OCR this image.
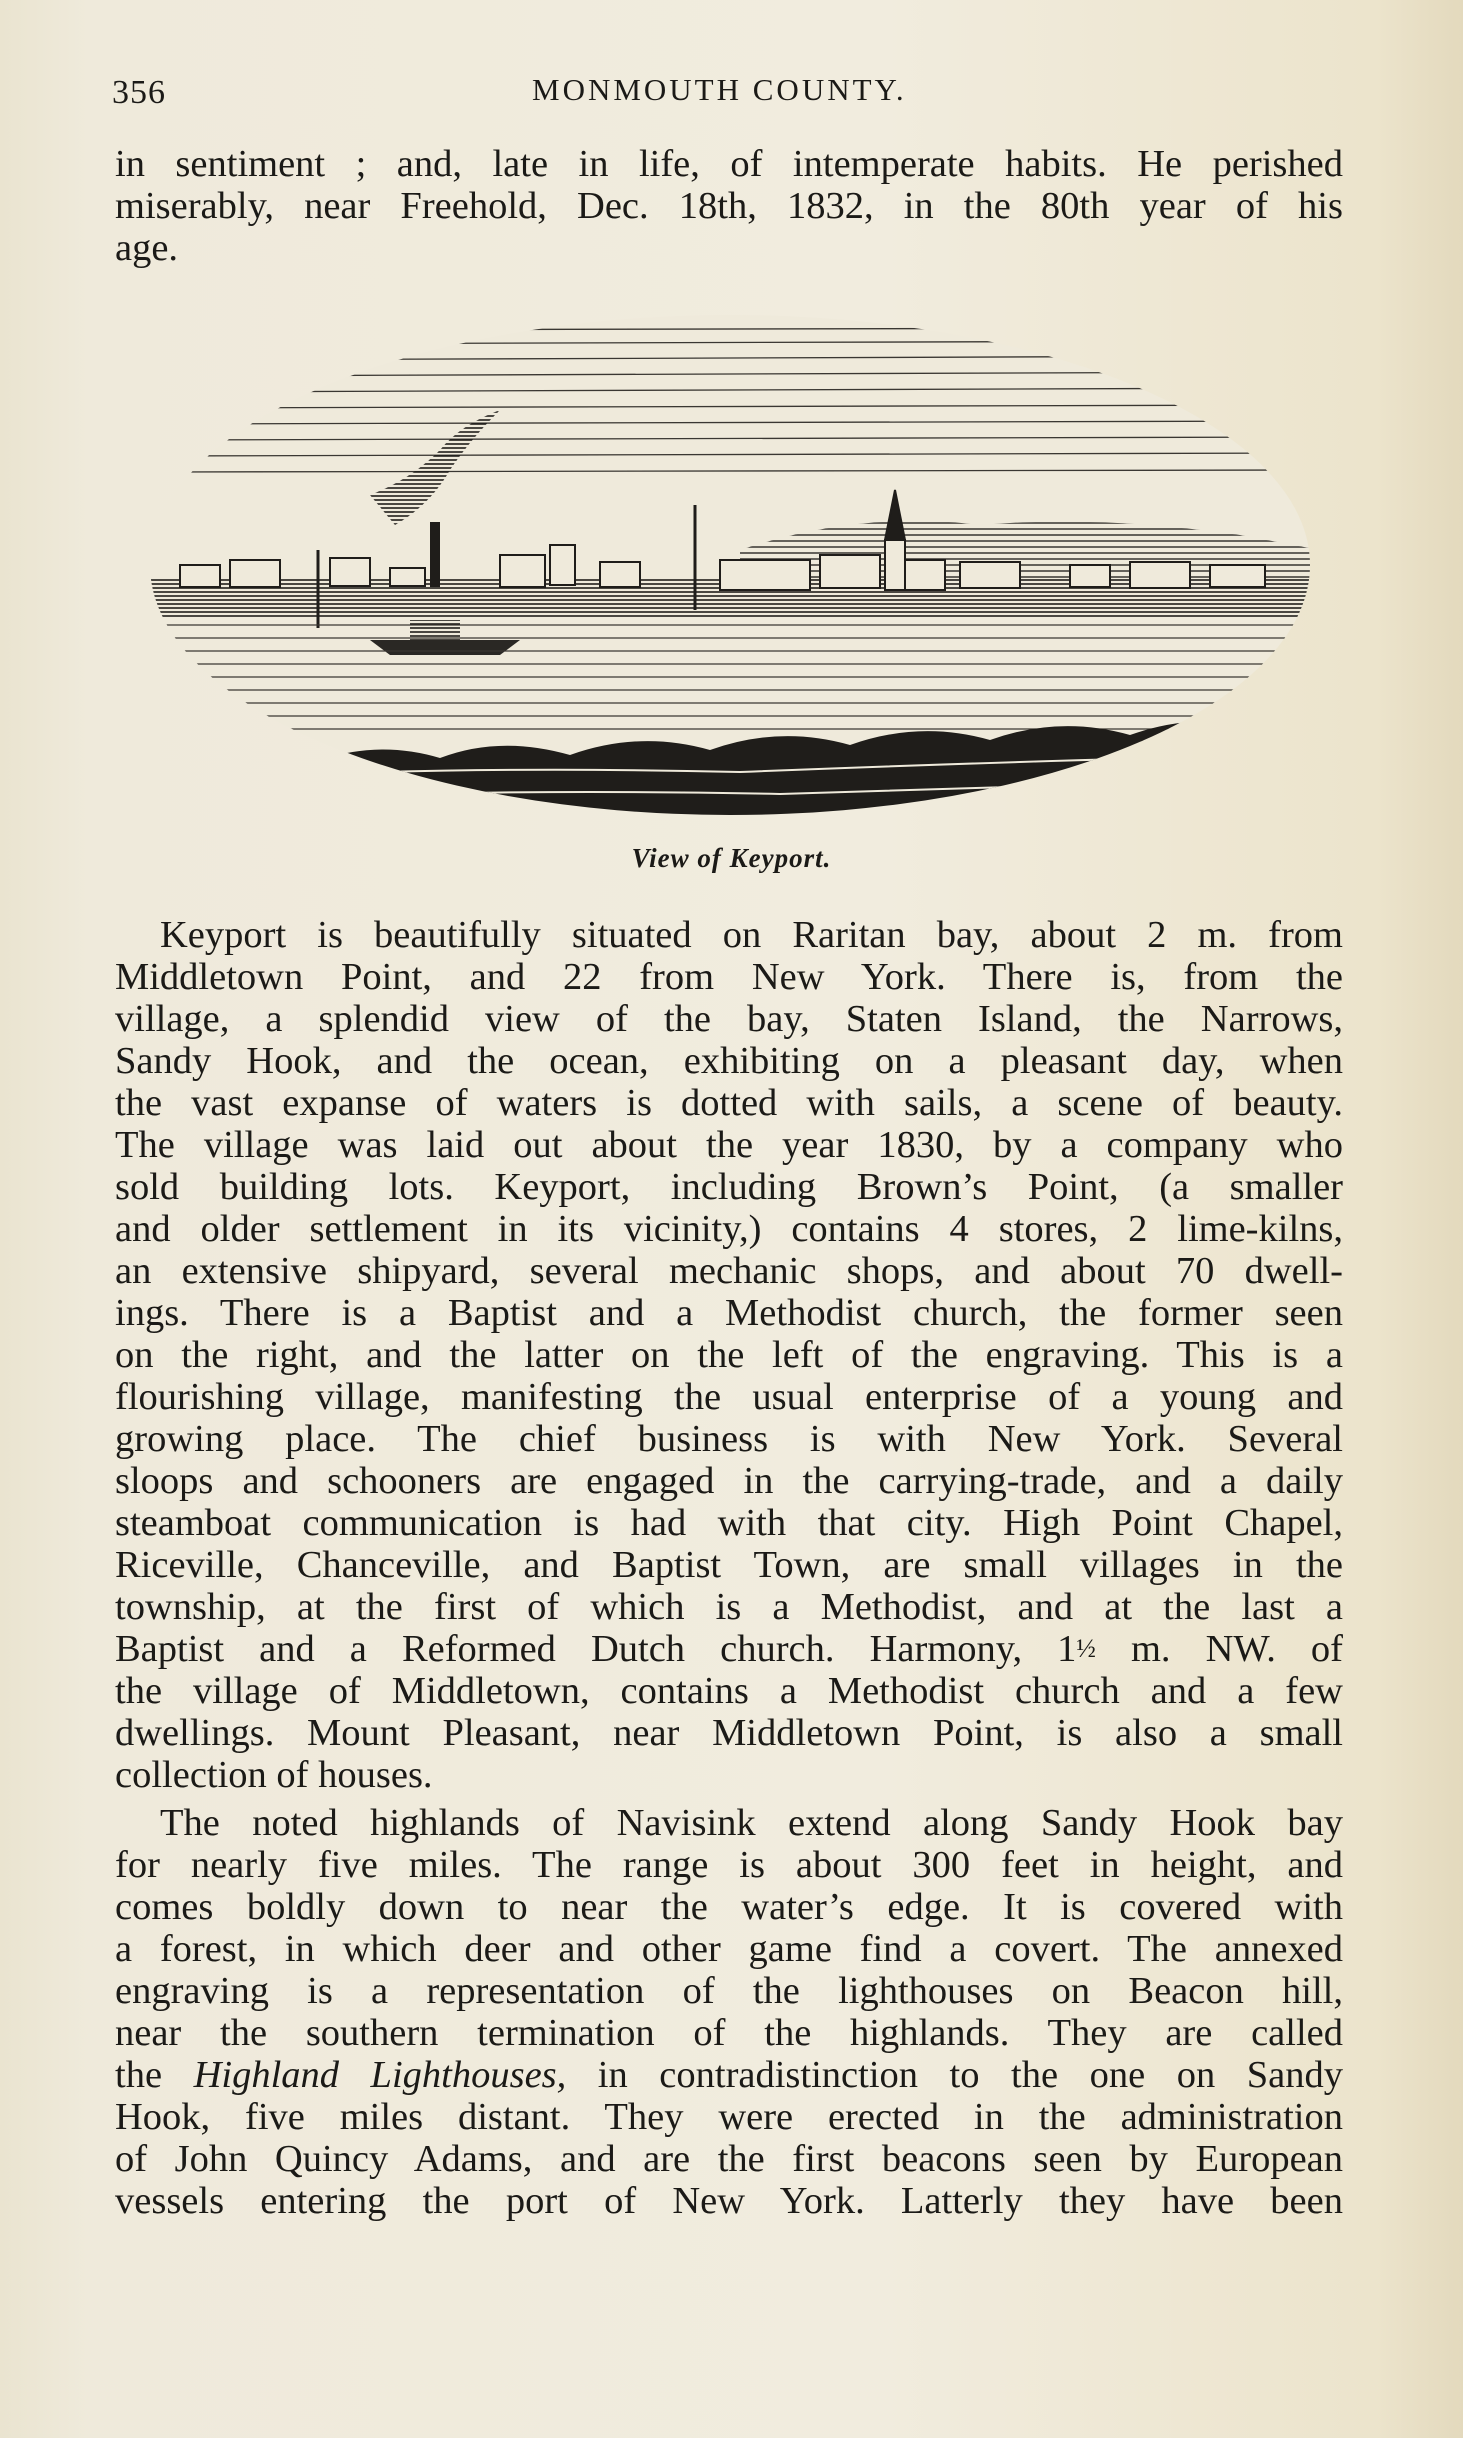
356	MONMOUTH COUNTY.
in sentiment ; and, late in life, of intemperate habits. He perished
miserably, near Freehold, Dec. 18th, 1832, in the 80th year of his
age.
View of Keyport.
Keyport is beautifully situated on Raritan bay, about 2 m. from
Middletown Point, and 22 from New York. There is, from the
village, a splendid view of the bay, Staten Island, the Narrows,
Sandy Hook, and the ocean, exhibiting on a pleasant day, when
the vast expanse of waters is dotted with sails, a scene of beauty.
The village was laid out about the year 1830, by a company who
sold building lots. Keyport, including Brown’s Point, (a smaller
and older settlement in its vicinity,) contains 4 stores, 2 lime-kilns,
an extensive shipyard, several mechanic shops, and about 70 dwell-
ings. There is a Baptist and a Methodist church, the former seen
on the right, and the latter on the left of the engraving. This is a
flourishing village, manifesting the usual enterprise of a young and
growing place. The chief business is with New York. Several
sloops and schooners are engaged in the carrying-trade, and a daily
steamboat communication is had with that city. High Point Chapel,
Riceville, Chanceville, and Baptist Town, are small villages in the
township, at the first of which is a Methodist, and at the last a
Baptist and a Reformed Dutch church. Harmony, 1½ m. NW. of
the village of Middletown, contains a Methodist church and a few
dwellings. Mount Pleasant, near Middletown Point, is also a small
collection of houses.
The noted highlands of Navisink extend along Sandy Hook bay
for nearly five miles. The range is about 300 feet in height, and
comes boldly down to near the water’s edge. It is covered with
a forest, in which deer and other game find a covert. The annexed
engraving is a representation of the lighthouses on Beacon hill,
near the southern termination of the highlands. They are called
the Highland Lighthouses, in contradistinction to the one on Sandy
Hook, five miles distant. They were erected in the administration
of John Quincy Adams, and are the first beacons seen by European
vessels entering the port of New York. Latterly they have been
